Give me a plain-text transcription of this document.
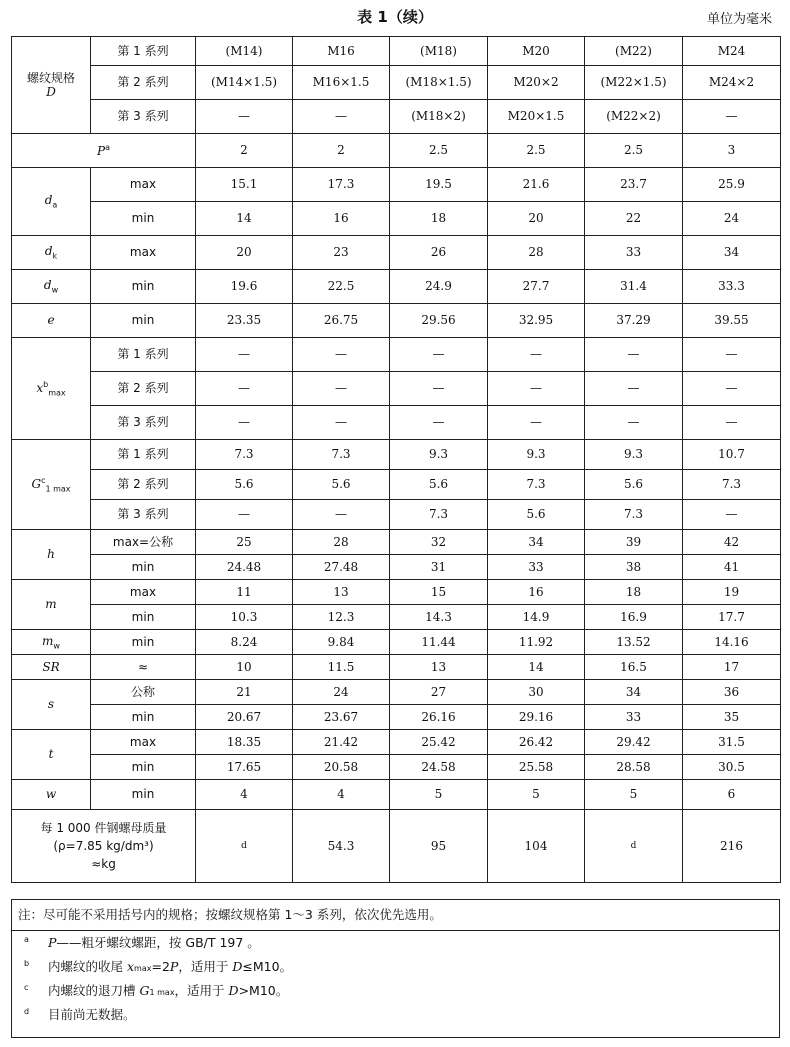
表 1（续）	单位为毫米
螺纹规格
D	第 1 系列	(M14)	M16	(M18)	M20	(M22)	M24
	第 2 系列	(M14×1.5)	M16×1.5	(M18×1.5)	M20×2	(M22×1.5)	M24×2
	第 3 系列	—	—	(M18×2)	M20×1.5	(M22×2)	—
$P^a$		2	2	2.5	2.5	2.5	3
$d_a$	max	15.1	17.3	19.5	21.6	23.7	25.9
	min	14	16	18	20	22	24
$d_k$	max	20	23	26	28	33	34
$d_w$	min	19.6	22.5	24.9	27.7	31.4	33.3
e	min	23.35	26.75	29.56	32.95	37.29	39.55
$x^b_{max}$	第 1 系列	—	—	—	—	—	—
	第 2 系列	—	—	—	—	—	—
	第 3 系列	—	—	—	—	—	—
$G^c_{1 max}$	第 1 系列	7.3	7.3	9.3	9.3	9.3	10.7
	第 2 系列	5.6	5.6	5.6	7.3	5.6	7.3
	第 3 系列	—	—	7.3	5.6	7.3	—
h	max=公称	25	28	32	34	39	42
	min	24.48	27.48	31	33	38	41
m	max	11	13	15	16	18	19
	min	10.3	12.3	14.3	14.9	16.9	17.7
$m_w$	min	8.24	9.84	11.44	11.92	13.52	14.16
SR	≈	10	11.5	13	14	16.5	17
s	公称	21	24	27	30	34	36
	min	20.67	23.67	26.16	29.16	33	35
t	max	18.35	21.42	25.42	26.42	29.42	31.5
	min	17.65	20.58	24.58	25.58	28.58	30.5
w	min	4	4	5	5	5	6

每 1 000 件钢螺母质量
(ρ=7.85 kg/dm³)
≈kg		d	54.3	95	104	d	216
注：尽可能不采用括号内的规格；按螺纹规格第 1～3 系列，依次优先选用。
a P——粗牙螺纹螺距，按 GB/T 197 。
b 内螺纹的收尾 xmax=2P，适用于 D≤M10。
c 内螺纹的退刀槽 G1 max，适用于 D>M10。
d 目前尚无数据。
